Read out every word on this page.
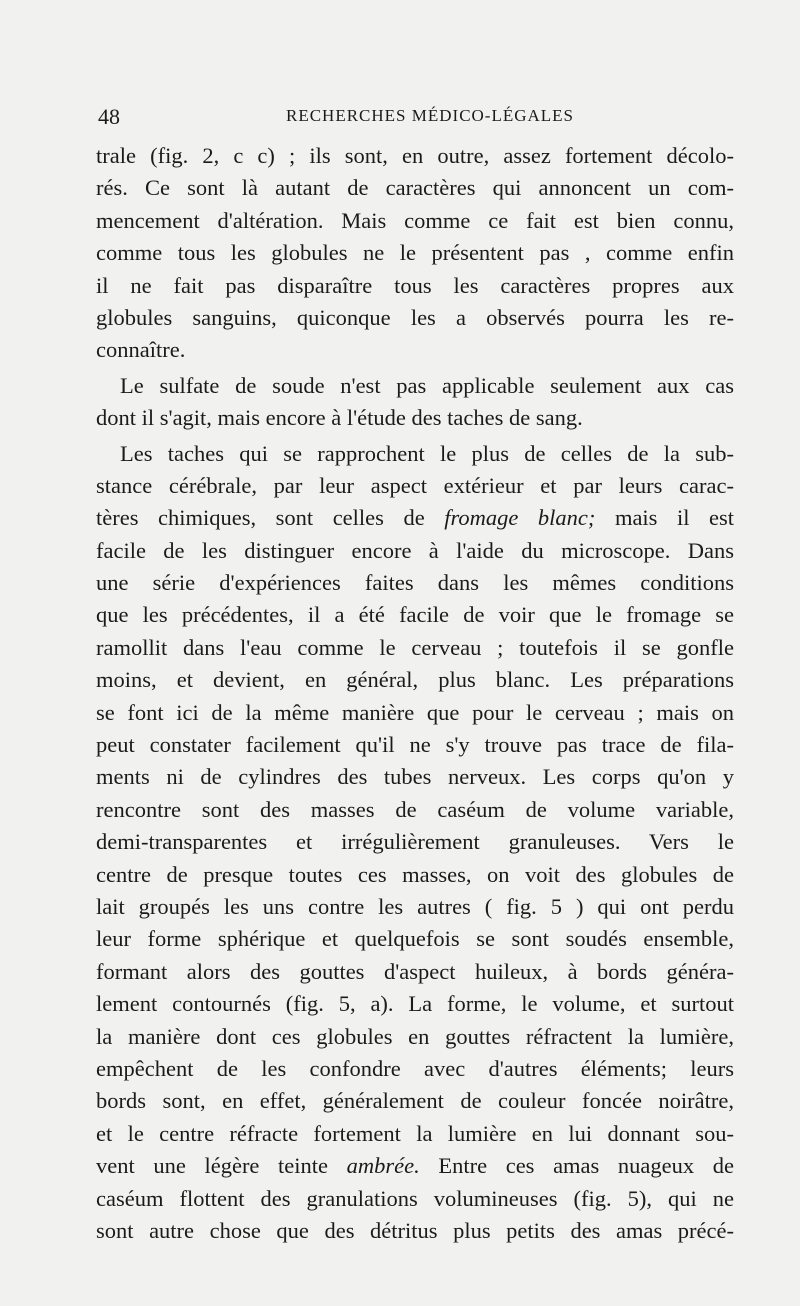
48	RECHERCHES MÉDICO-LÉGALES
trale (fig. 2, c c) ; ils sont, en outre, assez fortement décolo-
rés. Ce sont là autant de caractères qui annoncent un com-
mencement d'altération. Mais comme ce fait est bien connu,
comme tous les globules ne le présentent pas , comme enfin
il ne fait pas disparaître tous les caractères propres aux
globules sanguins, quiconque les a observés pourra les re-
connaître.
Le sulfate de soude n'est pas applicable seulement aux cas
dont il s'agit, mais encore à l'étude des taches de sang.
Les taches qui se rapprochent le plus de celles de la sub-
stance cérébrale, par leur aspect extérieur et par leurs carac-
tères chimiques, sont celles de fromage blanc; mais il est
facile de les distinguer encore à l'aide du microscope. Dans
une série d'expériences faites dans les mêmes conditions
que les précédentes, il a été facile de voir que le fromage se
ramollit dans l'eau comme le cerveau ; toutefois il se gonfle
moins, et devient, en général, plus blanc. Les préparations
se font ici de la même manière que pour le cerveau ; mais on
peut constater facilement qu'il ne s'y trouve pas trace de fila-
ments ni de cylindres des tubes nerveux. Les corps qu'on y
rencontre sont des masses de caséum de volume variable,
demi-transparentes et irrégulièrement granuleuses. Vers le
centre de presque toutes ces masses, on voit des globules de
lait groupés les uns contre les autres ( fig. 5 ) qui ont perdu
leur forme sphérique et quelquefois se sont soudés ensemble,
formant alors des gouttes d'aspect huileux, à bords généra-
lement contournés (fig. 5, a). La forme, le volume, et surtout
la manière dont ces globules en gouttes réfractent la lumière,
empêchent de les confondre avec d'autres éléments; leurs
bords sont, en effet, généralement de couleur foncée noirâtre,
et le centre réfracte fortement la lumière en lui donnant sou-
vent une légère teinte ambrée. Entre ces amas nuageux de
caséum flottent des granulations volumineuses (fig. 5), qui ne
sont autre chose que des détritus plus petits des amas précé-
